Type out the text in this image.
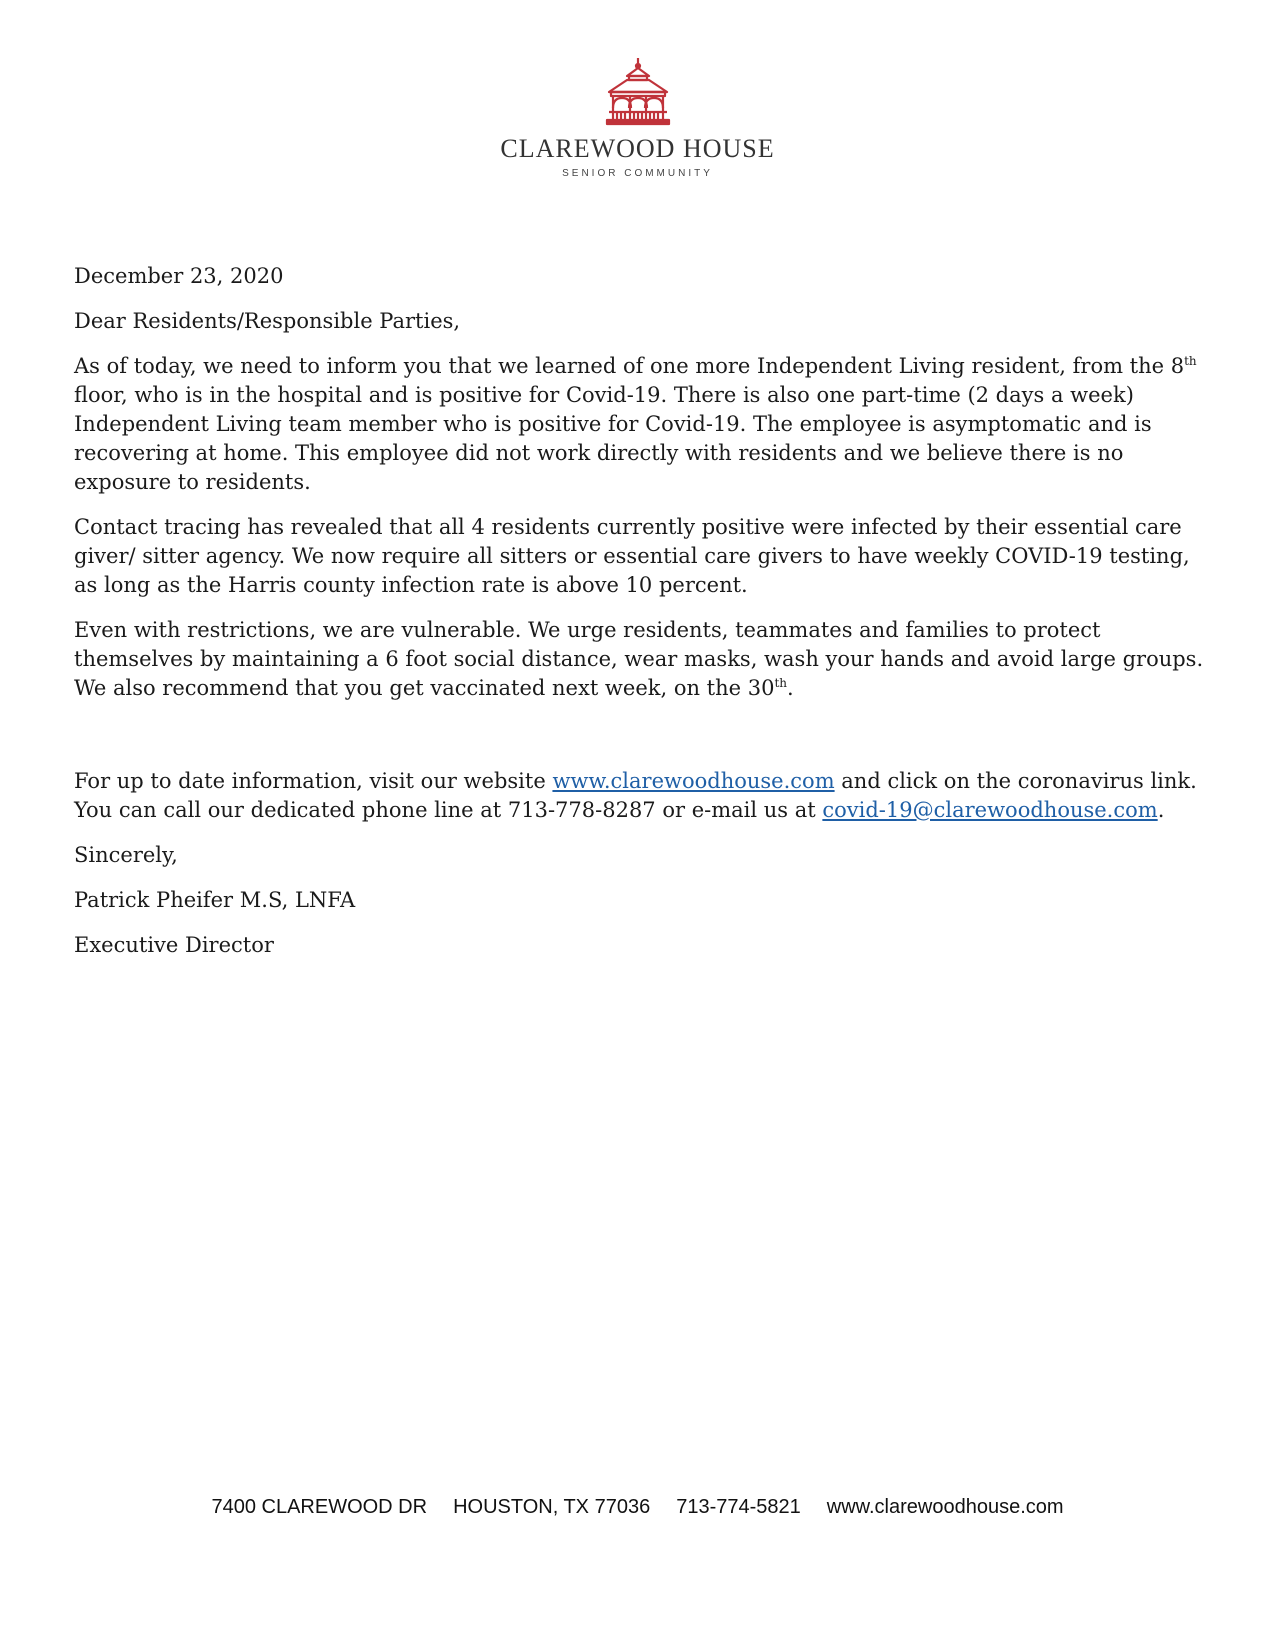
CLAREWOOD HOUSE
SENIOR COMMUNITY

December 23, 2020

Dear Residents/Responsible Parties,

As of today, we need to inform you that we learned of one more Independent Living resident, from the 8th floor, who is in the hospital and is positive for Covid-19. There is also one part-time (2 days a week) Independent Living team member who is positive for Covid-19. The employee is asymptomatic and is recovering at home. This employee did not work directly with residents and we believe there is no exposure to residents.

Contact tracing has revealed that all 4 residents currently positive were infected by their essential care giver/ sitter agency. We now require all sitters or essential care givers to have weekly COVID-19 testing, as long as the Harris county infection rate is above 10 percent.

Even with restrictions, we are vulnerable. We urge residents, teammates and families to protect themselves by maintaining a 6 foot social distance, wear masks, wash your hands and avoid large groups. We also recommend that you get vaccinated next week, on the 30th.

For up to date information, visit our website www.clarewoodhouse.com and click on the coronavirus link. You can call our dedicated phone line at 713-778-8287 or e-mail us at covid-19@clarewoodhouse.com.

Sincerely,

Patrick Pheifer M.S, LNFA

Executive Director

7400 CLAREWOOD DR HOUSTON, TX 77036 713-774-5821 www.clarewoodhouse.com
